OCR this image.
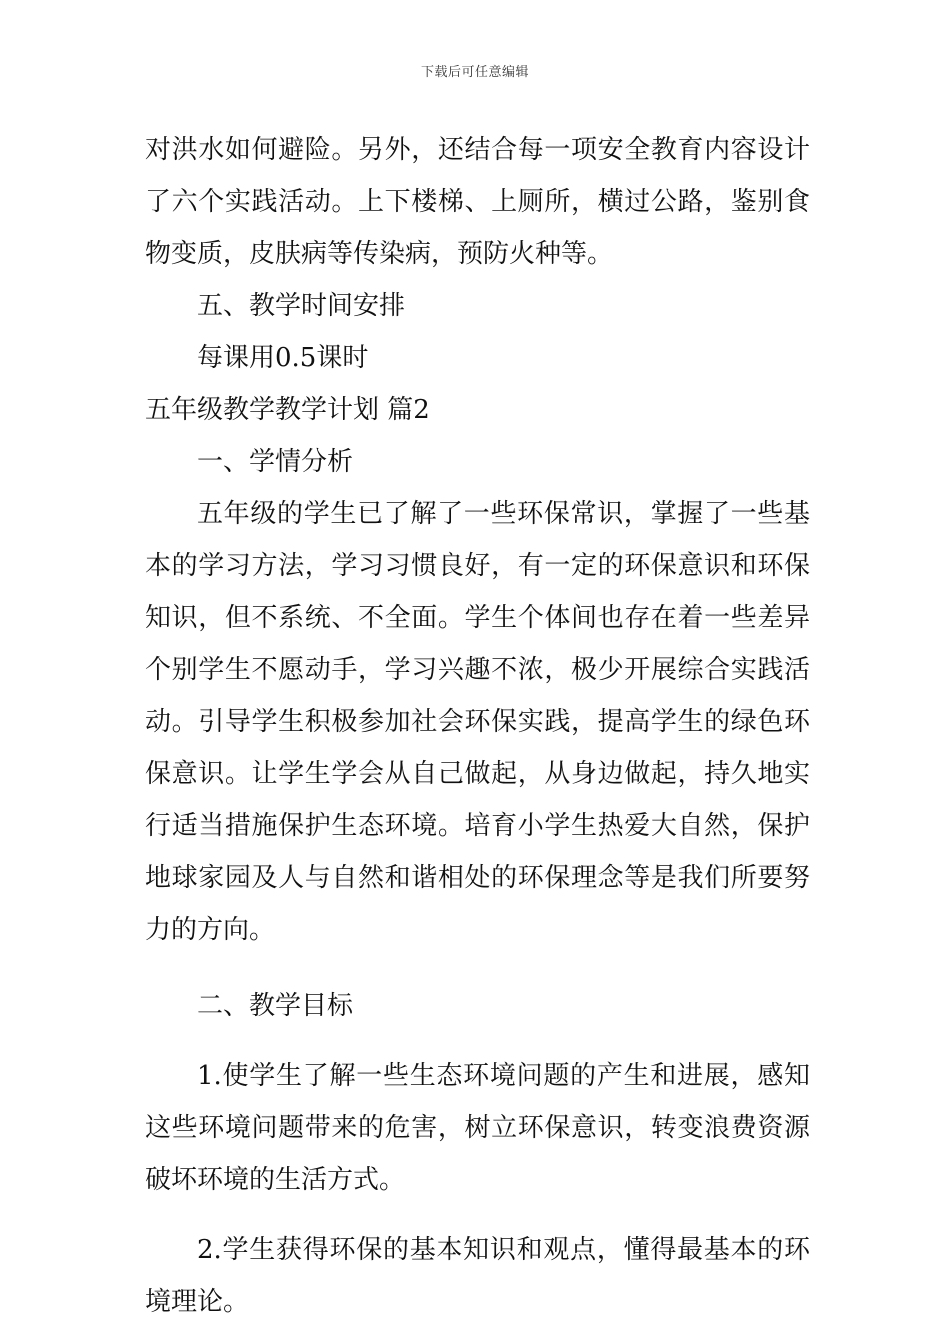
下载后可任意编辑

对洪水如何避险。另外，还结合每一项安全教育内容设计了六个实践活动。上下楼梯、上厕所，横过公路，鉴别食物变质，皮肤病等传染病，预防火种等。

五、教学时间安排

每课用0.5课时

五年级教学教学计划 篇2

一、学情分析

五年级的学生已了解了一些环保常识，掌握了一些基本的学习方法，学习习惯良好，有一定的环保意识和环保知识，但不系统、不全面。学生个体间也存在着一些差异个别学生不愿动手，学习兴趣不浓，极少开展综合实践活动。引导学生积极参加社会环保实践，提高学生的绿色环保意识。让学生学会从自己做起，从身边做起，持久地实行适当措施保护生态环境。培育小学生热爱大自然，保护地球家园及人与自然和谐相处的环保理念等是我们所要努力的方向。

二、教学目标

1.使学生了解一些生态环境问题的产生和进展，感知这些环境问题带来的危害，树立环保意识，转变浪费资源破坏环境的生活方式。

2.学生获得环保的基本知识和观点，懂得最基本的环境理论。
